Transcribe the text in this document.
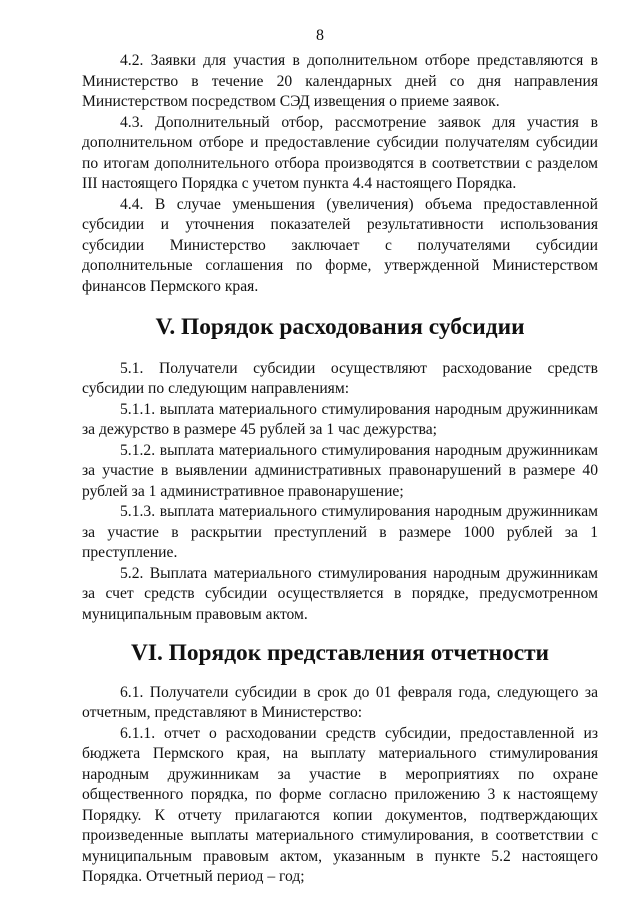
8

4.2. Заявки для участия в дополнительном отборе представляются в Министерство в течение 20 календарных дней со дня направления Министерством посредством СЭД извещения о приеме заявок.

4.3. Дополнительный отбор, рассмотрение заявок для участия в дополнительном отборе и предоставление субсидии получателям субсидии по итогам дополнительного отбора производятся в соответствии с разделом III настоящего Порядка с учетом пункта 4.4 настоящего Порядка.

4.4. В случае уменьшения (увеличения) объема предоставленной субсидии и уточнения показателей результативности использования субсидии Министерство заключает с получателями субсидии дополнительные соглашения по форме, утвержденной Министерством финансов Пермского края.

V. Порядок расходования субсидии

5.1. Получатели субсидии осуществляют расходование средств субсидии по следующим направлениям:

5.1.1. выплата материального стимулирования народным дружинникам за дежурство в размере 45 рублей за 1 час дежурства;

5.1.2. выплата материального стимулирования народным дружинникам за участие в выявлении административных правонарушений в размере 40 рублей за 1 административное правонарушение;

5.1.3. выплата материального стимулирования народным дружинникам за участие в раскрытии преступлений в размере 1000 рублей за 1 преступление.

5.2. Выплата материального стимулирования народным дружинникам за счет средств субсидии осуществляется в порядке, предусмотренном муниципальным правовым актом.

VI. Порядок представления отчетности

6.1. Получатели субсидии в срок до 01 февраля года, следующего за отчетным, представляют в Министерство:

6.1.1. отчет о расходовании средств субсидии, предоставленной из бюджета Пермского края, на выплату материального стимулирования народным дружинникам за участие в мероприятиях по охране общественного порядка, по форме согласно приложению 3 к настоящему Порядку. К отчету прилагаются копии документов, подтверждающих произведенные выплаты материального стимулирования, в соответствии с муниципальным правовым актом, указанным в пункте 5.2 настоящего Порядка. Отчетный период – год;
